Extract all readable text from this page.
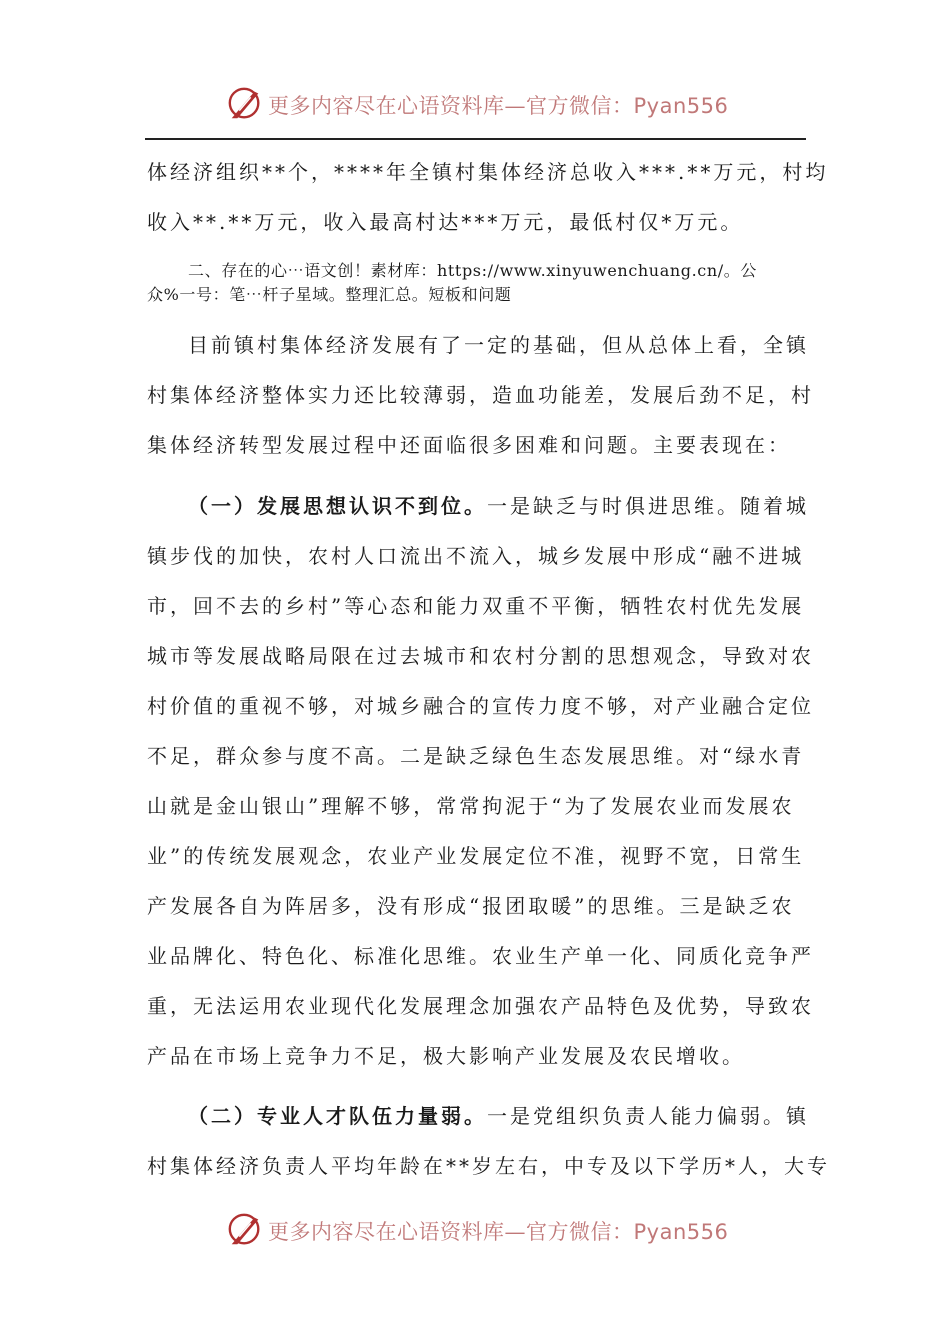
更多内容尽在心语资料库—官方微信：Pyan556
体经济组织**个，****年全镇村集体经济总收入***.**万元，村均
收入**.**万元，收入最高村达***万元，最低村仅*万元。
二、存在的心⋯语文创！素材库：https://www.xinyuwenchuang.cn/。公
众%一号：笔⋯杆子星域。整理汇总。短板和问题
目前镇村集体经济发展有了一定的基础，但从总体上看，全镇
村集体经济整体实力还比较薄弱，造血功能差，发展后劲不足，村
集体经济转型发展过程中还面临很多困难和问题。主要表现在：
（一）发展思想认识不到位。一是缺乏与时俱进思维。随着城
镇步伐的加快，农村人口流出不流入，城乡发展中形成“融不进城
市，回不去的乡村”等心态和能力双重不平衡，牺牲农村优先发展
城市等发展战略局限在过去城市和农村分割的思想观念，导致对农
村价值的重视不够，对城乡融合的宣传力度不够，对产业融合定位
不足，群众参与度不高。二是缺乏绿色生态发展思维。对“绿水青
山就是金山银山”理解不够，常常拘泥于“为了发展农业而发展农
业”的传统发展观念，农业产业发展定位不准，视野不宽，日常生
产发展各自为阵居多，没有形成“报团取暖”的思维。三是缺乏农
业品牌化、特色化、标准化思维。农业生产单一化、同质化竞争严
重，无法运用农业现代化发展理念加强农产品特色及优势，导致农
产品在市场上竞争力不足，极大影响产业发展及农民增收。
（二）专业人才队伍力量弱。一是党组织负责人能力偏弱。镇
村集体经济负责人平均年龄在**岁左右，中专及以下学历*人，大专
更多内容尽在心语资料库—官方微信：Pyan556
